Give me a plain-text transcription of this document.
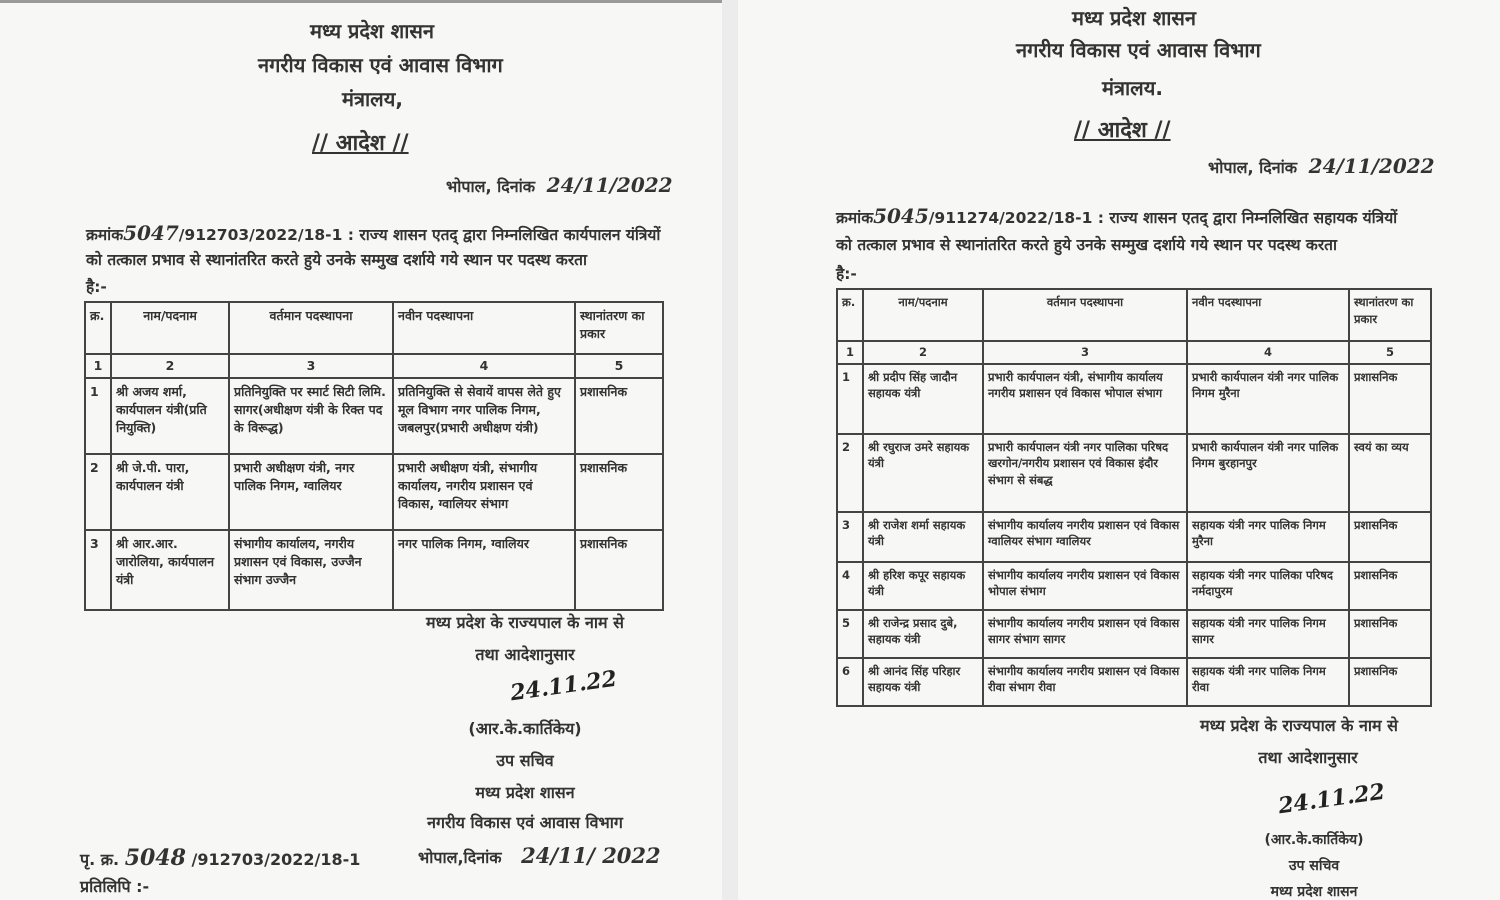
मध्य प्रदेश शासन
नगरीय विकास एवं आवास विभाग
मंत्रालय,
// आदेश //
भोपाल, दिनांक 24/11/2022
क्रमांक5047/912703/2022/18-1 : राज्य शासन एतद् द्वारा निम्नलिखित कार्यपालन यंत्रियों
को तत्काल प्रभाव से स्थानांतरित करते हुये उनके सम्मुख दर्शाये गये स्थान पर पदस्थ करता
है:-
क्र.	नाम/पदनाम	वर्तमान पदस्थापना	नवीन पदस्थापना	स्थानांतरण का प्रकार
1	2	3	4	5
1	श्री अजय शर्मा, कार्यपालन यंत्री(प्रति नियुक्ति)	प्रतिनियुक्ति पर स्मार्ट सिटी लिमि. सागर(अधीक्षण यंत्री के रिक्त पद के विरूद्ध)	प्रतिनियुक्ति से सेवायें वापस लेते हुए मूल विभाग नगर पालिक निगम, जबलपुर(प्रभारी अधीक्षण यंत्री)	प्रशासनिक
2	श्री जे.पी. पारा, कार्यपालन यंत्री	प्रभारी अधीक्षण यंत्री, नगर पालिक निगम, ग्वालियर	प्रभारी अधीक्षण यंत्री, संभागीय कार्यालय, नगरीय प्रशासन एवं विकास, ग्वालियर संभाग	प्रशासनिक
3	श्री आर.आर. जारोलिया, कार्यपालन यंत्री	संभागीय कार्यालय, नगरीय प्रशासन एवं विकास, उज्जैन संभाग उज्जैन	नगर पालिक निगम, ग्वालियर	प्रशासनिक
मध्य प्रदेश के राज्यपाल के नाम से
तथा आदेशानुसार
24.11.22
(आर.के.कार्तिकेय)
उप सचिव
मध्य प्रदेश शासन
नगरीय विकास एवं आवास विभाग
पृ. क्र. 5048 /912703/2022/18-1	भोपाल,दिनांक 24/11/ 2022
प्रतिलिपि :-
मध्य प्रदेश शासन
नगरीय विकास एवं आवास विभाग
मंत्रालय.
// आदेश //
भोपाल, दिनांक 24/11/2022
क्रमांक5045/911274/2022/18-1 : राज्य शासन एतद् द्वारा निम्नलिखित सहायक यंत्रियों
को तत्काल प्रभाव से स्थानांतरित करते हुये उनके सम्मुख दर्शाये गये स्थान पर पदस्थ करता
है:-
क्र.	नाम/पदनाम	वर्तमान पदस्थापना	नवीन पदस्थापना	स्थानांतरण का प्रकार
1	2	3	4	5
1	श्री प्रदीप सिंह जादौन सहायक यंत्री	प्रभारी कार्यपालन यंत्री, संभागीय कार्यालय नगरीय प्रशासन एवं विकास भोपाल संभाग	प्रभारी कार्यपालन यंत्री नगर पालिक निगम मुरैना	प्रशासनिक
2	श्री रघुराज उमरे सहायक यंत्री	प्रभारी कार्यपालन यंत्री नगर पालिका परिषद खरगोन/नगरीय प्रशासन एवं विकास इंदौर संभाग से संबद्ध	प्रभारी कार्यपालन यंत्री नगर पालिक निगम बुरहानपुर	स्वयं का व्यय
3	श्री राजेश शर्मा सहायक यंत्री	संभागीय कार्यालय नगरीय प्रशासन एवं विकास ग्वालियर संभाग ग्वालियर	सहायक यंत्री नगर पालिक निगम मुरैना	प्रशासनिक
4	श्री हरिश कपूर सहायक यंत्री	संभागीय कार्यालय नगरीय प्रशासन एवं विकास भोपाल संभाग	सहायक यंत्री नगर पालिका परिषद नर्मदापुरम	प्रशासनिक
5	श्री राजेन्द्र प्रसाद दुबे, सहायक यंत्री	संभागीय कार्यालय नगरीय प्रशासन एवं विकास सागर संभाग सागर	सहायक यंत्री नगर पालिक निगम सागर	प्रशासनिक
6	श्री आनंद सिंह परिहार सहायक यंत्री	संभागीय कार्यालय नगरीय प्रशासन एवं विकास रीवा संभाग रीवा	सहायक यंत्री नगर पालिक निगम रीवा	प्रशासनिक
मध्य प्रदेश के राज्यपाल के नाम से
तथा आदेशानुसार
24.11.22
(आर.के.कार्तिकेय)
उप सचिव
मध्य प्रदेश शासन
